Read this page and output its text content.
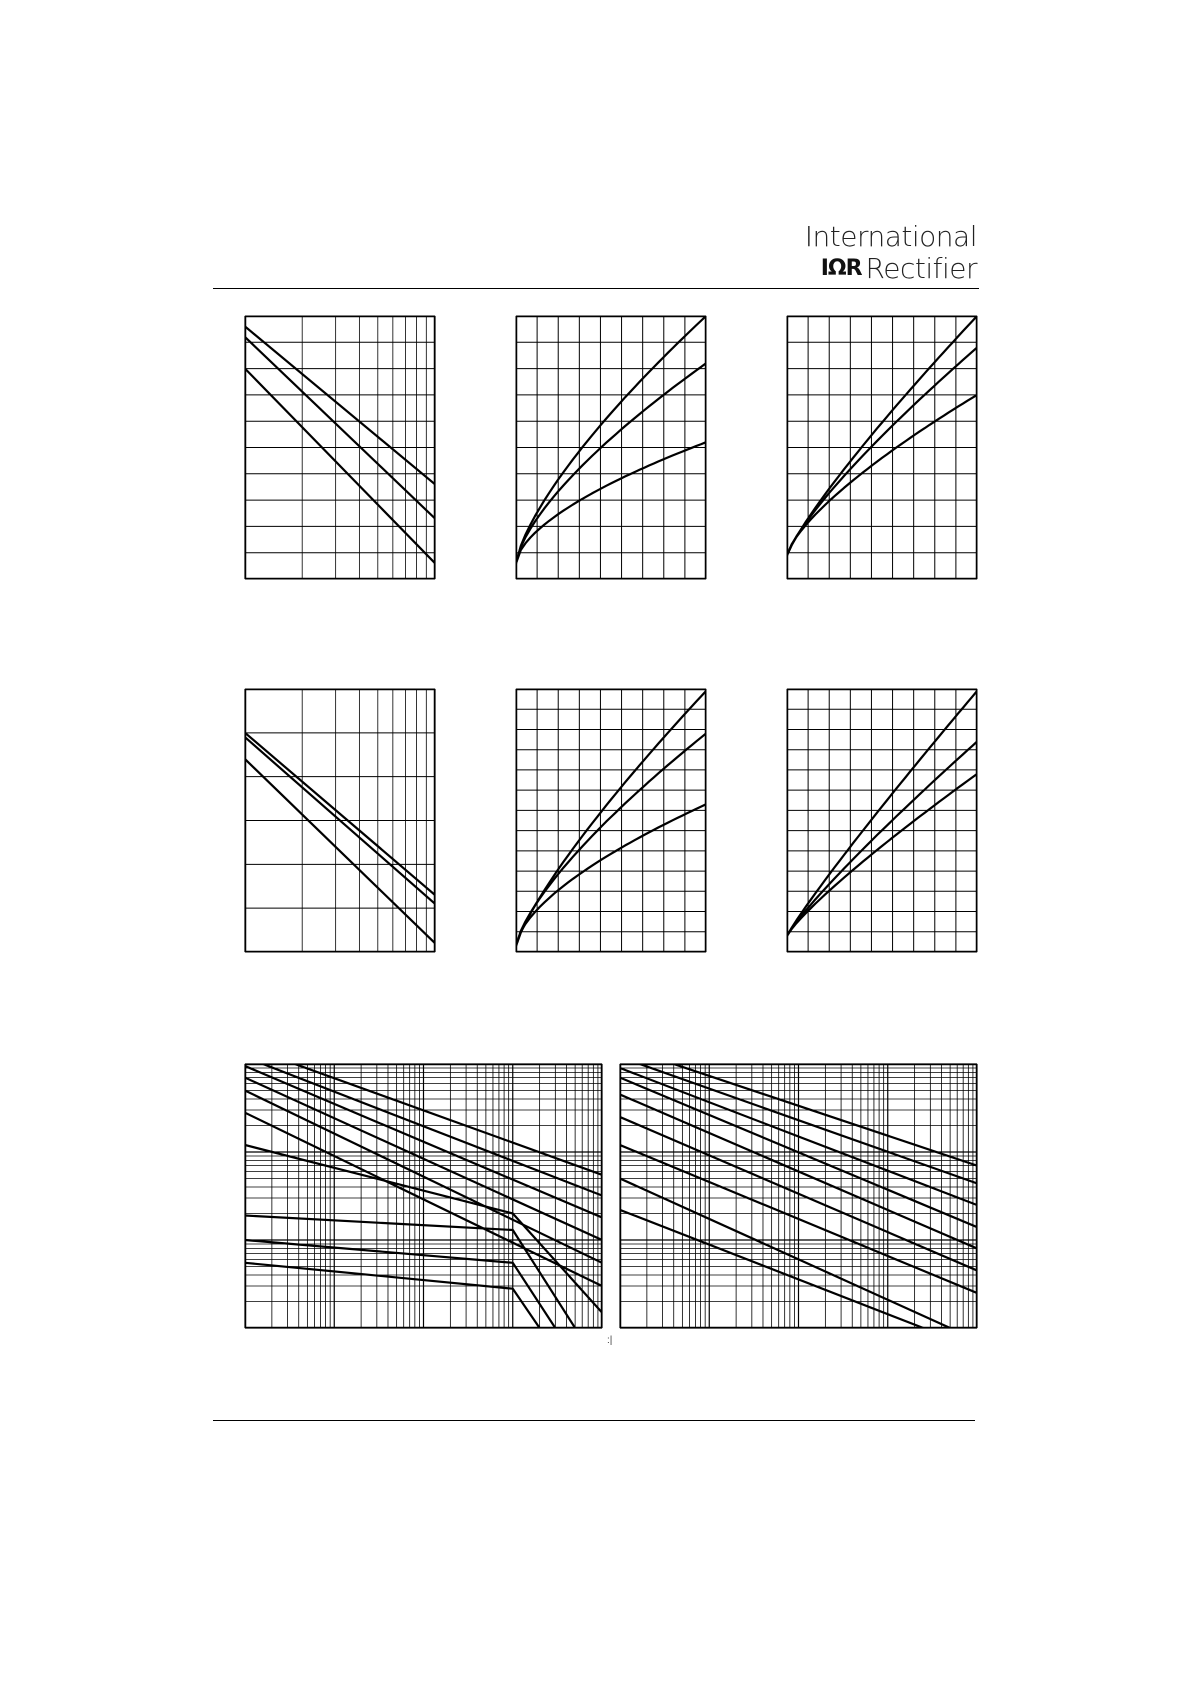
International
IΩR Rectifier
:|
